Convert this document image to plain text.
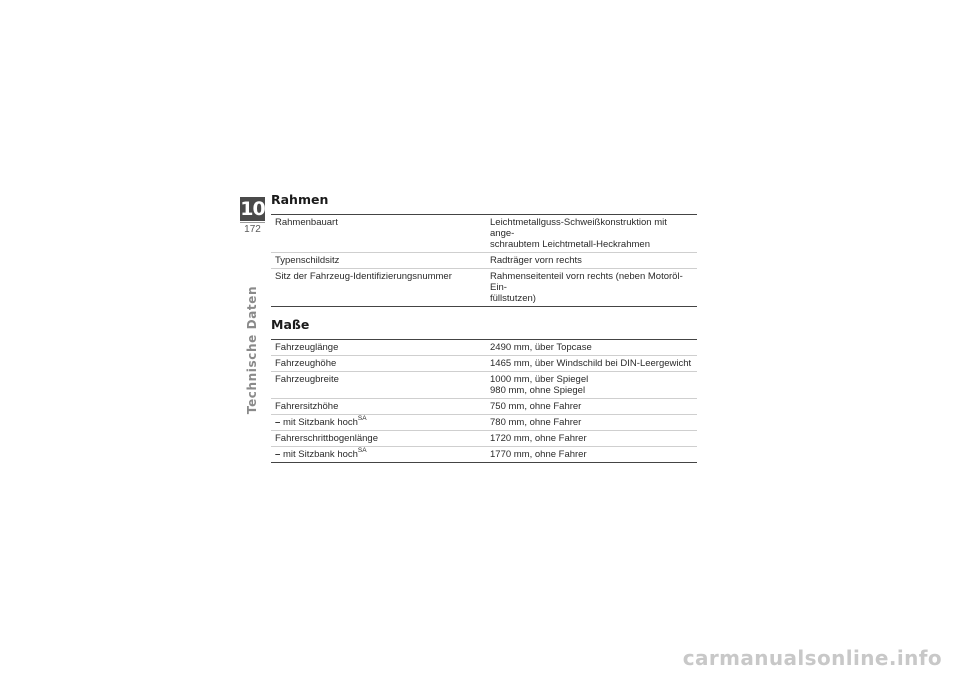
10
172
Technische Daten
Rahmen
Rahmenbauart	Leichtmetallguss-Schweißkonstruktion mit ange-
schraubtem Leichtmetall-Heckrahmen
Typenschildsitz	Radträger vorn rechts
Sitz der Fahrzeug-Identifizierungsnummer	Rahmenseitenteil vorn rechts (neben Motoröl-Ein-
füllstutzen)
Maße
Fahrzeuglänge	2490 mm, über Topcase
Fahrzeughöhe	1465 mm, über Windschild bei DIN-Leergewicht
Fahrzeugbreite	1000 mm, über Spiegel
980 mm, ohne Spiegel
Fahrersitzhöhe	750 mm, ohne Fahrer
– mit Sitzbank hoch$^{SA}$	780 mm, ohne Fahrer
Fahrerschrittbogenlänge	1720 mm, ohne Fahrer
– mit Sitzbank hoch$^{SA}$	1770 mm, ohne Fahrer
carmanualsonline.info
